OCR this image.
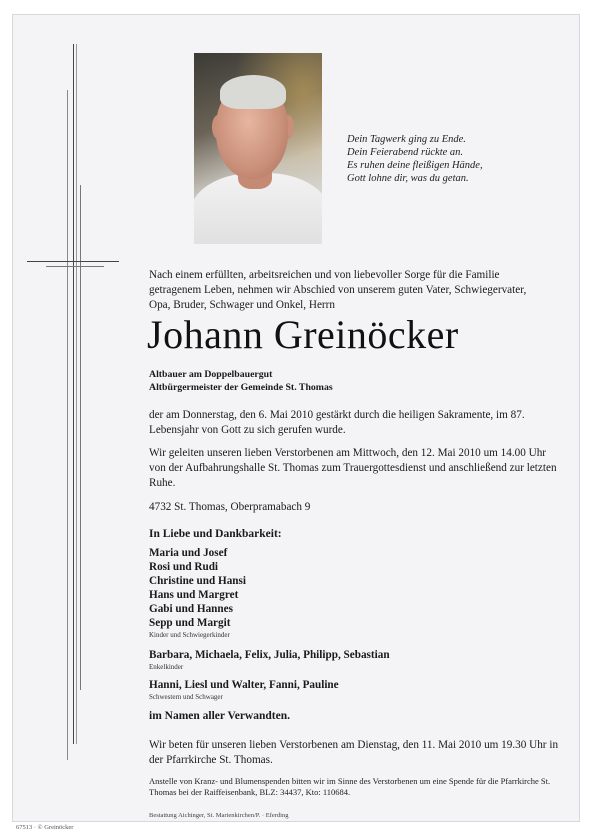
Dein Tagwerk ging zu Ende.
Dein Feierabend rückte an.
Es ruhen deine fleißigen Hände,
Gott lohne dir, was du getan.
Nach einem erfüllten, arbeitsreichen und von liebevoller Sorge für die Familie getragenem Leben, nehmen wir Abschied von unserem guten Vater, Schwiegervater, Opa, Bruder, Schwager und Onkel, Herrn
Johann Greinöcker
Altbauer am Doppelbauergut
Altbürgermeister der Gemeinde St. Thomas
der am Donnerstag, den 6. Mai 2010 gestärkt durch die heiligen Sakramente, im 87. Lebensjahr von Gott zu sich gerufen wurde.
Wir geleiten unseren lieben Verstorbenen am Mittwoch, den 12. Mai 2010 um 14.00 Uhr von der Aufbahrungshalle St. Thomas zum Trauergottesdienst und anschließend zur letzten Ruhe.
4732 St. Thomas, Oberpramabach 9
In Liebe und Dankbarkeit:
Maria und Josef
Rosi und Rudi
Christine und Hansi
Hans und Margret
Gabi und Hannes
Sepp und Margit
Kinder und Schwiegerkinder
Barbara, Michaela, Felix, Julia, Philipp, Sebastian
Enkelkinder
Hanni, Liesl und Walter, Fanni, Pauline
Schwestern und Schwager
im Namen aller Verwandten.
Wir beten für unseren lieben Verstorbenen am Dienstag, den 11. Mai 2010 um 19.30 Uhr in der Pfarrkirche St. Thomas.
Anstelle von Kranz- und Blumenspenden bitten wir im Sinne des Verstorbenen um eine Spende für die Pfarrkirche St. Thomas bei der Raiffeisenbank, BLZ: 34437, Kto: 110684.
Bestattung Aichinger, St. Marienkirchen/P. · Eferding
67513 · © Greinöcker
